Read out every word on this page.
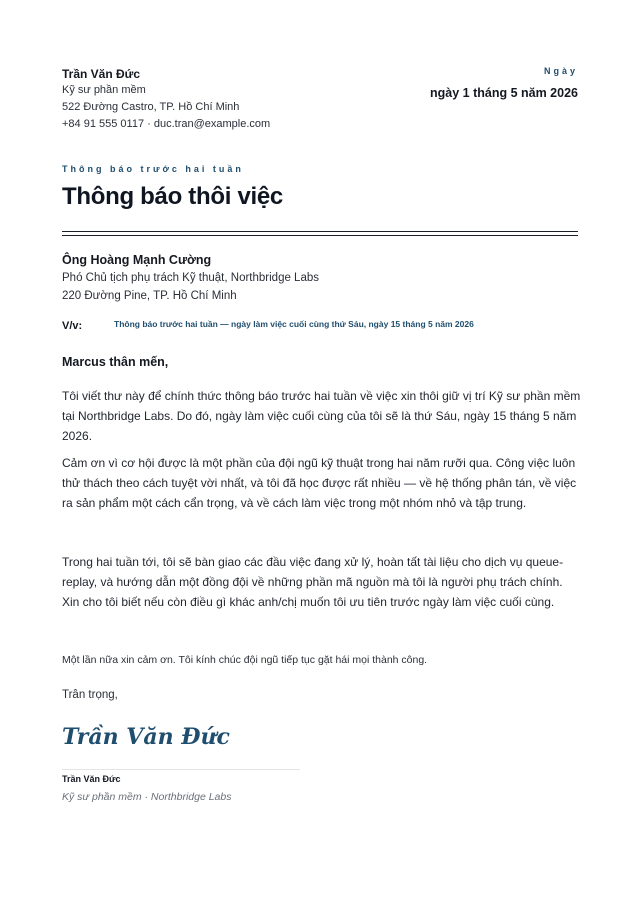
Trần Văn Đức
Kỹ sư phần mềm
522 Đường Castro, TP. Hồ Chí Minh
+84 91 555 0117 · duc.tran@example.com
Ngày
ngày 1 tháng 5 năm 2026
Thông báo trước hai tuần
Thông báo thôi việc
Ông Hoàng Mạnh Cường
Phó Chủ tịch phụ trách Kỹ thuật, Northbridge Labs
220 Đường Pine, TP. Hồ Chí Minh
V/v:	Thông báo trước hai tuần — ngày làm việc cuối cùng thứ Sáu, ngày 15 tháng 5 năm 2026
Marcus thân mến,
Tôi viết thư này để chính thức thông báo trước hai tuần về việc xin thôi giữ vị trí Kỹ sư phần mềm tại Northbridge Labs. Do đó, ngày làm việc cuối cùng của tôi sẽ là thứ Sáu, ngày 15 tháng 5 năm 2026.
Cảm ơn vì cơ hội được là một phần của đội ngũ kỹ thuật trong hai năm rưỡi qua. Công việc luôn thử thách theo cách tuyệt vời nhất, và tôi đã học được rất nhiều — về hệ thống phân tán, về việc ra sản phẩm một cách cẩn trọng, và về cách làm việc trong một nhóm nhỏ và tập trung.
Trong hai tuần tới, tôi sẽ bàn giao các đầu việc đang xử lý, hoàn tất tài liệu cho dịch vụ queue-replay, và hướng dẫn một đồng đội về những phần mã nguồn mà tôi là người phụ trách chính. Xin cho tôi biết nếu còn điều gì khác anh/chị muốn tôi ưu tiên trước ngày làm việc cuối cùng.
Một lần nữa xin cảm ơn. Tôi kính chúc đội ngũ tiếp tục gặt hái mọi thành công.
Trân trọng,
Trần Văn Đức
Trần Văn Đức
Kỹ sư phần mềm · Northbridge Labs
